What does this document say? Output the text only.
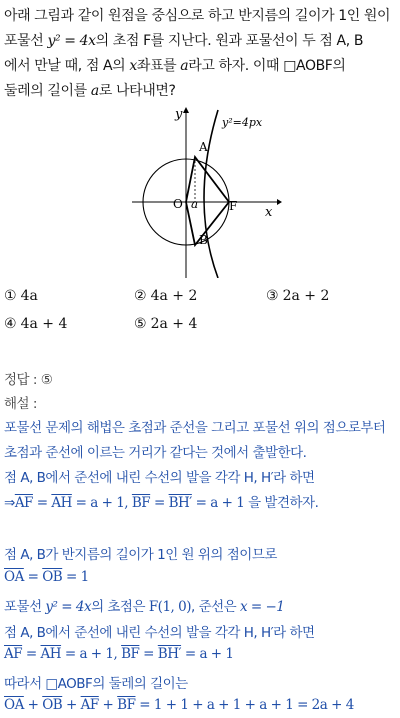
아래 그림과 같이 원점을 중심으로 하고 반지름의 길이가 1인 원이
포물선 y² = 4x의 초점 F를 지난다. 원과 포물선이 두 점 A, B
에서 만날 때, 점 A의 x좌표를 a라고 하자. 이때 □AOBF의
둘레의 길이를 a로 나타내면?
y²=4px
y
x
O a
A
B
F
① 4a	② 4a + 2	③ 2a + 2
④ 4a + 4	⑤ 2a + 4
정답 : ⑤
해설 :
포물선 문제의 해법은 초점과 준선을 그리고 포물선 위의 점으로부터
초점과 준선에 이르는 거리가 같다는 것에서 출발한다.
점 A, B에서 준선에 내린 수선의 발을 각각 H, H′라 하면
$\Rightarrow\overline{AF} = \overline{AH} = a + 1$, $\overline{BF} = BH' = a + 1$ 을 발견하자.
점 A, B가 반지름의 길이가 1인 원 위의 점이므로
$\overline{OA} = \overline{OB} = 1$
포물선 y² = 4x의 초점은 F(1, 0), 준선은 x = −1
점 A, B에서 준선에 내린 수선의 발을 각각 H, H′라 하면
$\overline{AF} = \overline{AH} = a + 1$, $\overline{BF} = BH' = a + 1$
따라서 □AOBF의 둘레의 길이는
$\overline{OA} + \overline{OB} + \overline{AF} + \overline{BF} = 1 + 1 + a + 1 + a + 1 = 2a + 4$
